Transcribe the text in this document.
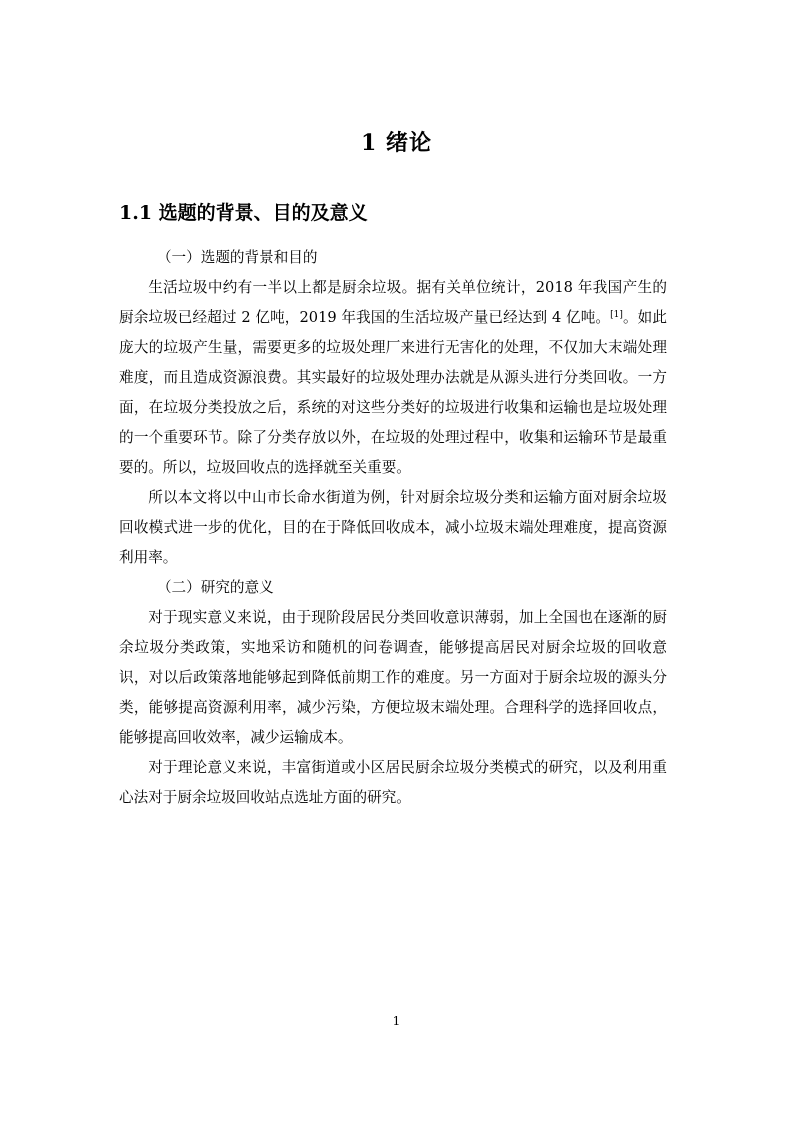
1 绪论
1.1 选题的背景、目的及意义

（一）选题的背景和目的

生活垃圾中约有一半以上都是厨余垃圾。据有关单位统计，2018 年我国产生的厨余垃圾已经超过 2 亿吨，2019 年我国的生活垃圾产量已经达到 4 亿吨。[1]。如此庞大的垃圾产生量，需要更多的垃圾处理厂来进行无害化的处理，不仅加大末端处理难度，而且造成资源浪费。其实最好的垃圾处理办法就是从源头进行分类回收。一方面，在垃圾分类投放之后，系统的对这些分类好的垃圾进行收集和运输也是垃圾处理的一个重要环节。除了分类存放以外，在垃圾的处理过程中，收集和运输环节是最重要的。所以，垃圾回收点的选择就至关重要。

所以本文将以中山市长命水街道为例，针对厨余垃圾分类和运输方面对厨余垃圾回收模式进一步的优化，目的在于降低回收成本，减小垃圾末端处理难度，提高资源利用率。

（二）研究的意义

对于现实意义来说，由于现阶段居民分类回收意识薄弱，加上全国也在逐渐的厨余垃圾分类政策，实地采访和随机的问卷调查，能够提高居民对厨余垃圾的回收意识，对以后政策落地能够起到降低前期工作的难度。另一方面对于厨余垃圾的源头分类，能够提高资源利用率，减少污染，方便垃圾末端处理。合理科学的选择回收点，能够提高回收效率，减少运输成本。

对于理论意义来说，丰富街道或小区居民厨余垃圾分类模式的研究，以及利用重心法对于厨余垃圾回收站点选址方面的研究。

1
